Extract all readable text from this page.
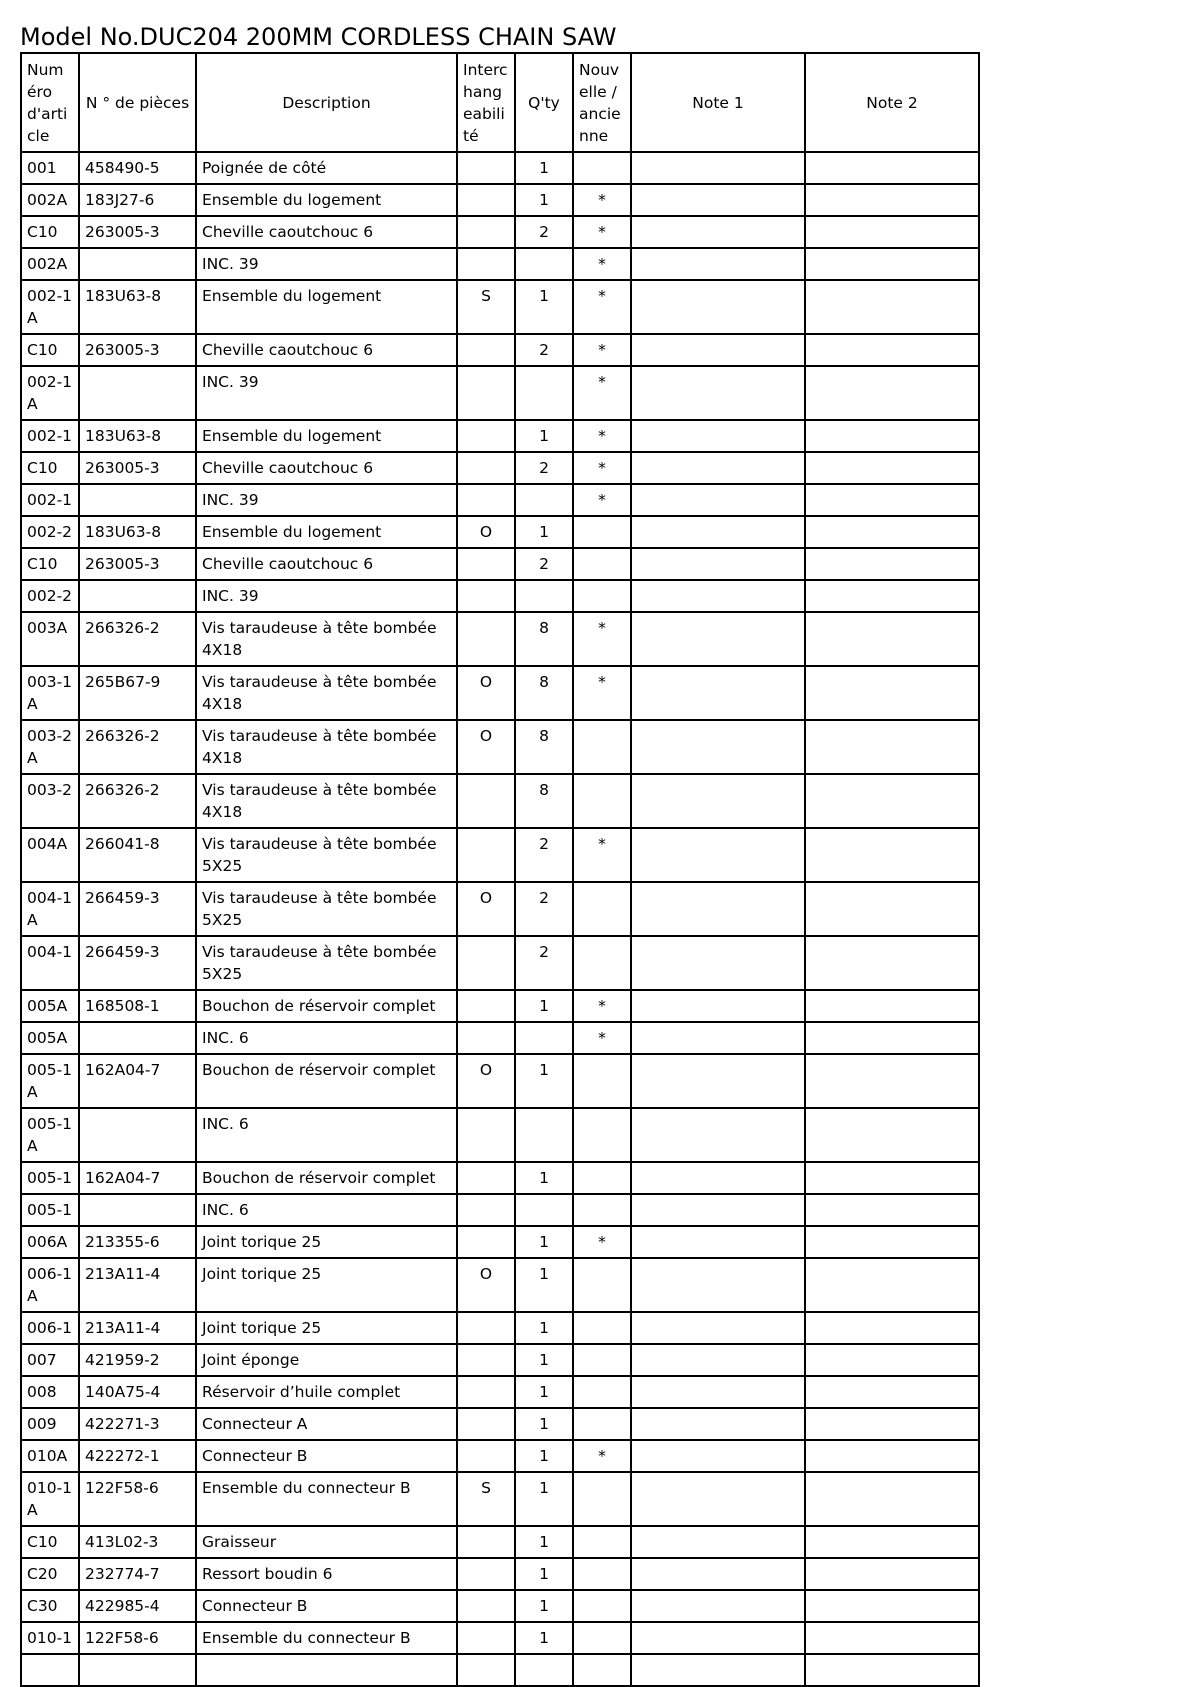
Model No.DUC204 200MM CORDLESS CHAIN SAW
Numéro d'article	N ° de pièces	Description	Interchangeabilité	Q'ty	Nouvelle / ancienne	Note 1	Note 2
001	458490-5	Poignée de côté		1			
002A	183J27-6	Ensemble du logement		1	*		
C10	263005-3	Cheville caoutchouc 6		2	*		
002A		INC. 39			*		
002-1A	183U63-8	Ensemble du logement	S	1	*		
C10	263005-3	Cheville caoutchouc 6		2	*		
002-1A		INC. 39			*		
002-1	183U63-8	Ensemble du logement		1	*		
C10	263005-3	Cheville caoutchouc 6		2	*		
002-1		INC. 39			*		
002-2	183U63-8	Ensemble du logement	O	1			
C10	263005-3	Cheville caoutchouc 6		2			
002-2		INC. 39					
003A	266326-2	Vis taraudeuse à tête bombée 4X18		8	*		
003-1A	265B67-9	Vis taraudeuse à tête bombée 4X18	O	8	*		
003-2A	266326-2	Vis taraudeuse à tête bombée 4X18	O	8			
003-2	266326-2	Vis taraudeuse à tête bombée 4X18		8			
004A	266041-8	Vis taraudeuse à tête bombée 5X25		2	*		
004-1A	266459-3	Vis taraudeuse à tête bombée 5X25	O	2			
004-1	266459-3	Vis taraudeuse à tête bombée 5X25		2			
005A	168508-1	Bouchon de réservoir complet		1	*		
005A		INC. 6			*		
005-1A	162A04-7	Bouchon de réservoir complet	O	1			
005-1A		INC. 6					
005-1	162A04-7	Bouchon de réservoir complet		1			
005-1		INC. 6					
006A	213355-6	Joint torique 25		1	*		
006-1A	213A11-4	Joint torique 25	O	1			
006-1	213A11-4	Joint torique 25		1			
007	421959-2	Joint éponge		1			
008	140A75-4	Réservoir d’huile complet		1			
009	422271-3	Connecteur A		1			
010A	422272-1	Connecteur B		1	*		
010-1A	122F58-6	Ensemble du connecteur B	S	1			
C10	413L02-3	Graisseur		1			
C20	232774-7	Ressort boudin 6		1			
C30	422985-4	Connecteur B		1			
010-1	122F58-6	Ensemble du connecteur B		1			
